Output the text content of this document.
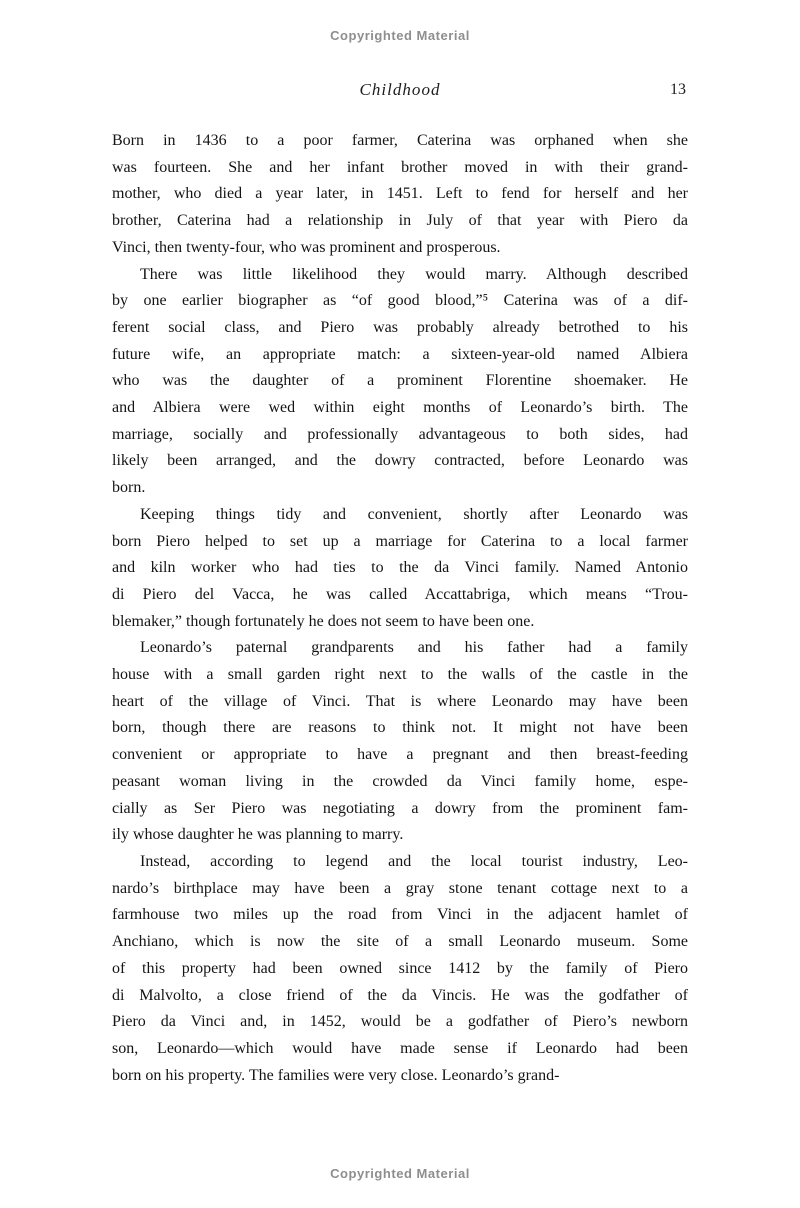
Copyrighted Material
Childhood	13
Born in 1436 to a poor farmer, Caterina was orphaned when she
was fourteen. She and her infant brother moved in with their grand-
mother, who died a year later, in 1451. Left to fend for herself and her
brother, Caterina had a relationship in July of that year with Piero da
Vinci, then twenty-four, who was prominent and prosperous.
There was little likelihood they would marry. Although described
by one earlier biographer as “of good blood,”⁵ Caterina was of a dif-
ferent social class, and Piero was probably already betrothed to his
future wife, an appropriate match: a sixteen-year-old named Albiera
who was the daughter of a prominent Florentine shoemaker. He
and Albiera were wed within eight months of Leonardo’s birth. The
marriage, socially and professionally advantageous to both sides, had
likely been arranged, and the dowry contracted, before Leonardo was
born.
Keeping things tidy and convenient, shortly after Leonardo was
born Piero helped to set up a marriage for Caterina to a local farmer
and kiln worker who had ties to the da Vinci family. Named Antonio
di Piero del Vacca, he was called Accattabriga, which means “Trou-
blemaker,” though fortunately he does not seem to have been one.
Leonardo’s paternal grandparents and his father had a family
house with a small garden right next to the walls of the castle in the
heart of the village of Vinci. That is where Leonardo may have been
born, though there are reasons to think not. It might not have been
convenient or appropriate to have a pregnant and then breast-feeding
peasant woman living in the crowded da Vinci family home, espe-
cially as Ser Piero was negotiating a dowry from the prominent fam-
ily whose daughter he was planning to marry.
Instead, according to legend and the local tourist industry, Leo-
nardo’s birthplace may have been a gray stone tenant cottage next to a
farmhouse two miles up the road from Vinci in the adjacent hamlet of
Anchiano, which is now the site of a small Leonardo museum. Some
of this property had been owned since 1412 by the family of Piero
di Malvolto, a close friend of the da Vincis. He was the godfather of
Piero da Vinci and, in 1452, would be a godfather of Piero’s newborn
son, Leonardo—which would have made sense if Leonardo had been
born on his property. The families were very close. Leonardo’s grand-
Copyrighted Material
